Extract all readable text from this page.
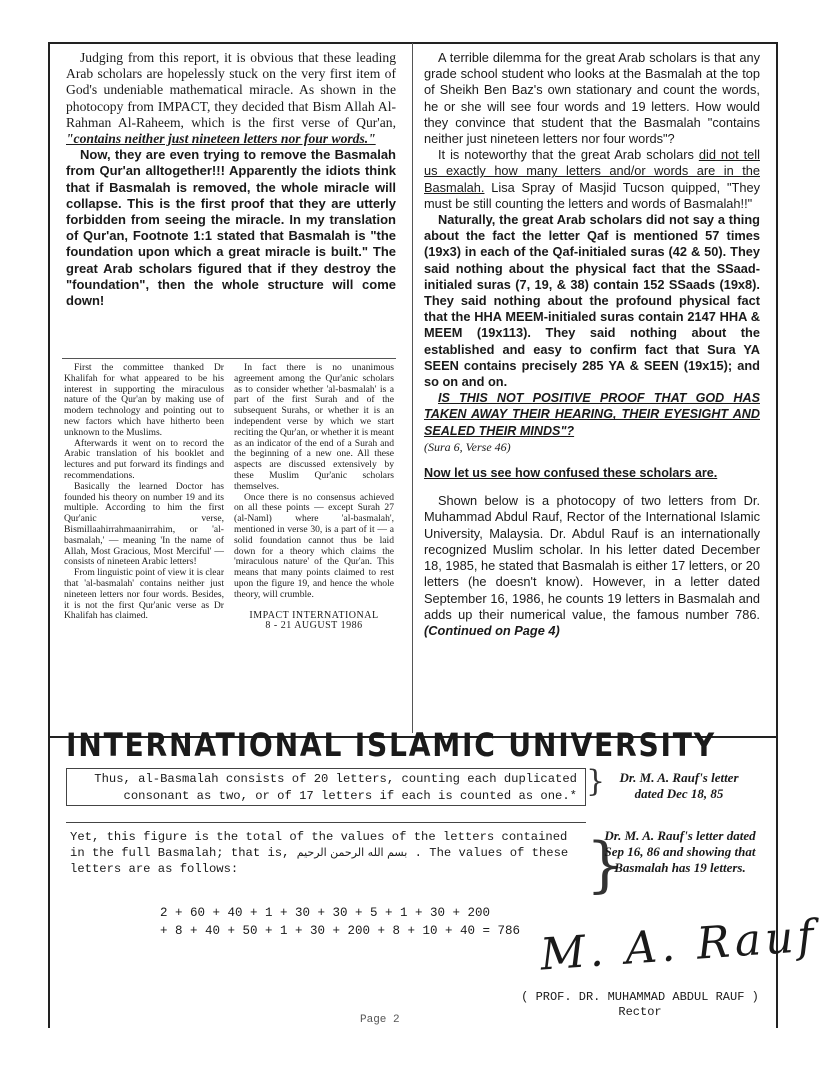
Judging from this report, it is obvious that these leading Arab scholars are hopelessly stuck on the very first item of God's undeniable mathematical miracle. As shown in the photocopy from IMPACT, they decided that Bism Allah Al-Rahman Al-Raheem, which is the first verse of Qur'an, "contains neither just nineteen letters nor four words."

Now, they are even trying to remove the Basmalah from Qur'an alltogether!!! Apparently the idiots think that if Basmalah is removed, the whole miracle will collapse. This is the first proof that they are utterly forbidden from seeing the miracle. In my translation of Qur'an, Footnote 1:1 stated that Basmalah is "the foundation upon which a great miracle is built." The great Arab scholars figured that if they destroy the "foundation", then the whole structure will come down!

First the committee thanked Dr Khalifah for what appeared to be his interest in supporting the miraculous nature of the Qur'an by making use of modern technology and pointing out to new factors which have hitherto been unknown to the Muslims.

Afterwards it went on to record the Arabic translation of his booklet and lectures and put forward its findings and recommendations.

Basically the learned Doctor has founded his theory on number 19 and its multiple. According to him the first Qur'anic verse, Bismillaahirrahmaanirrahim, or 'al-basmalah,' — meaning 'In the name of Allah, Most Gracious, Most Merciful' — consists of nineteen Arabic letters!

From linguistic point of view it is clear that 'al-basmalah' contains neither just nineteen letters nor four words. Besides, it is not the first Qur'anic verse as Dr Khalifah has claimed.

In fact there is no unanimous agreement among the Qur'anic scholars as to consider whether 'al-basmalah' is a part of the first Surah and of the subsequent Surahs, or whether it is an independent verse by which we start reciting the Qur'an, or whether it is meant as an indicator of the end of a Surah and the beginning of a new one. All these aspects are discussed extensively by these Muslim Qur'anic scholars themselves.

Once there is no consensus achieved on all these points — except Surah 27 (al-Naml) where 'al-basmalah', mentioned in verse 30, is a part of it — a solid foundation cannot thus be laid down for a theory which claims the 'miraculous nature' of the Qur'an. This means that many points claimed to rest upon the figure 19, and hence the whole theory, will crumble.

IMPACT INTERNATIONAL
8 - 21 AUGUST 1986

A terrible dilemma for the great Arab scholars is that any grade school student who looks at the Basmalah at the top of Sheikh Ben Baz's own stationary and count the words, he or she will see four words and 19 letters. How would they convince that student that the Basmalah "contains neither just nineteen letters nor four words"?

It is noteworthy that the great Arab scholars did not tell us exactly how many letters and/or words are in the Basmalah. Lisa Spray of Masjid Tucson quipped, "They must be still counting the letters and words of Basmalah!!"

Naturally, the great Arab scholars did not say a thing about the fact the letter Qaf is mentioned 57 times (19x3) in each of the Qaf-initialed suras (42 & 50). They said nothing about the physical fact that the SSaad-initialed suras (7, 19, & 38) contain 152 SSaads (19x8). They said nothing about the profound physical fact that the HHA MEEM-initialed suras contain 2147 HHA & MEEM (19x113). They said nothing about the established and easy to confirm fact that Sura YA SEEN contains precisely 285 YA & SEEN (19x15); and so on and on.

IS THIS NOT POSITIVE PROOF THAT GOD HAS TAKEN AWAY THEIR HEARING, THEIR EYESIGHT AND SEALED THEIR MINDS"?

(Sura 6, Verse 46)

Now let us see how confused these scholars are.

Shown below is a photocopy of two letters from Dr. Muhammad Abdul Rauf, Rector of the International Islamic University, Malaysia. Dr. Abdul Rauf is an internationally recognized Muslim scholar. In his letter dated December 18, 1985, he stated that Basmalah is either 17 letters, or 20 letters (he doesn't know). However, in a letter dated September 16, 1986, he counts 19 letters in Basmalah and adds up their numerical value, the famous number 786. (Continued on Page 4)

INTERNATIONAL ISLAMIC UNIVERSITY
Thus, al-Basmalah consists of 20 letters, counting each duplicated consonant as two, or of 17 letters if each is counted as one.* }	Dr. M. A. Rauf's letter dated Dec 18, 85
Yet, this figure is the total of the values of the letters contained in the full Basmalah; that is, بسم الله الرحمن الرحيم . The values of these letters are as follows:
2 + 60 + 40 + 1 + 30 + 30 + 5 + 1 + 30 + 200
+ 8 + 40 + 50 + 1 + 30 + 200 + 8 + 10 + 40 = 786
}
Dr. M. A. Rauf's letter dated Sep 16, 86 and showing that Basmalah has 19 letters.
M. A. Rauf
( PROF. DR. MUHAMMAD ABDUL RAUF )
Rector
Page 2
